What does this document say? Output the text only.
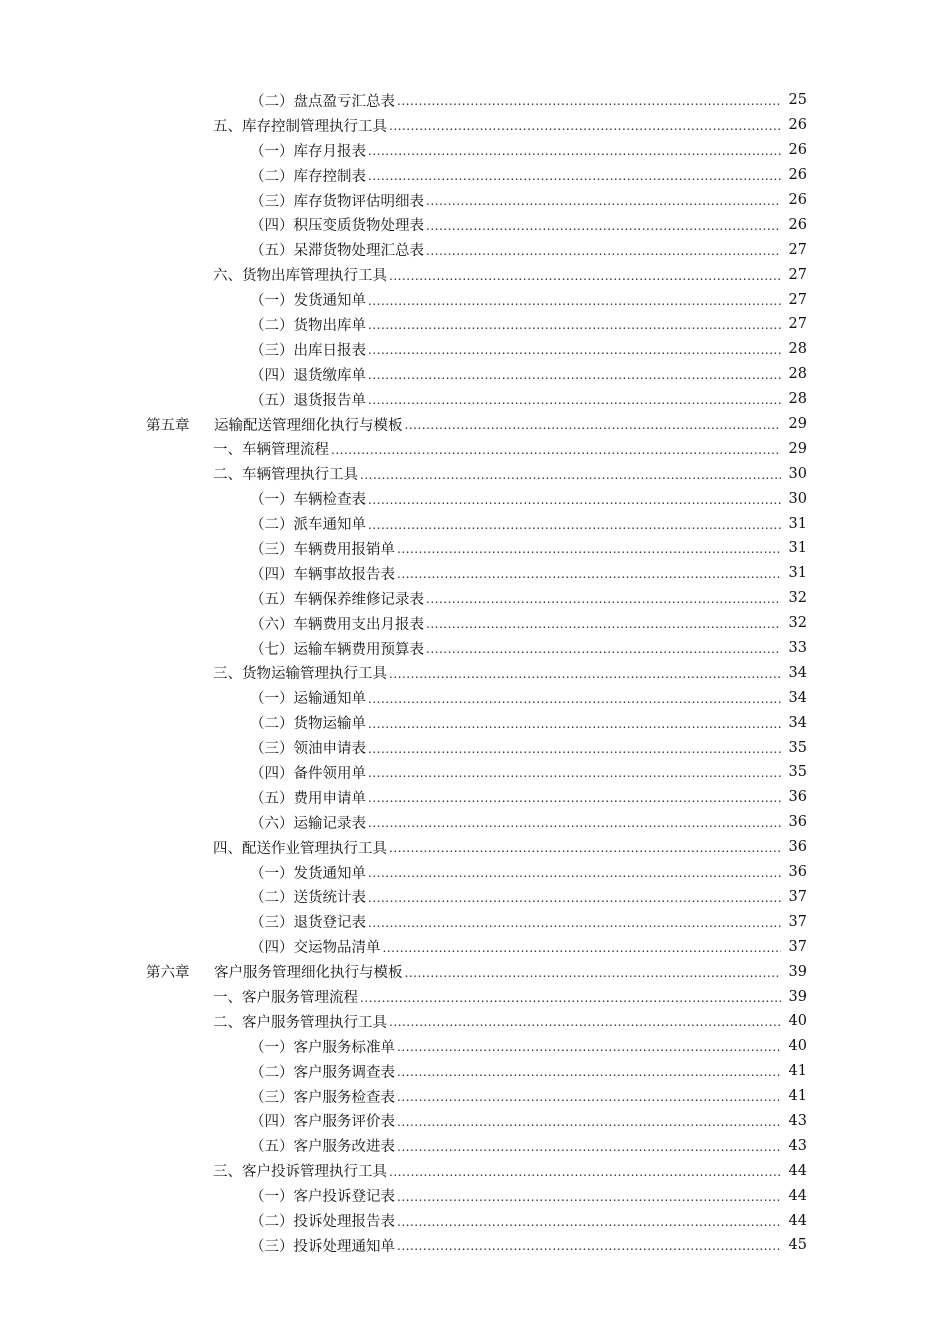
（二） 盘点盈亏汇总表 .....	25
五、 库存控制管理执行工具 .....	26
（一） 库存月报表 .....	26
（二） 库存控制表 .....	26
（三） 库存货物评估明细表 .....	26
（四） 积压变质货物处理表 .....	26
（五） 呆滞货物处理汇总表 .....	27
六、 货物出库管理执行工具 .....	27
（一） 发货通知单 .....	27
（二） 货物出库单 .....	27
（三） 出库日报表 .....	28
（四） 退货缴库单 .....	28
（五） 退货报告单 .....	28
第五章	运输配送管理细化执行与模板 .....	29
一、 车辆管理流程 .....	29
二、 车辆管理执行工具 .....	30
（一） 车辆检查表 .....	30
（二） 派车通知单 .....	31
（三） 车辆费用报销单 .....	31
（四） 车辆事故报告表 .....	31
（五） 车辆保养维修记录表 .....	32
（六） 车辆费用支出月报表 .....	32
（七） 运输车辆费用预算表 .....	33
三、 货物运输管理执行工具 .....	34
（一） 运输通知单 .....	34
（二） 货物运输单 .....	34
（三） 领油申请表 .....	35
（四） 备件领用单 .....	35
（五） 费用申请单 .....	36
（六） 运输记录表 .....	36
四、 配送作业管理执行工具 .....	36
（一） 发货通知单 .....	36
（二） 送货统计表 .....	37
（三） 退货登记表 .....	37
（四） 交运物品清单 .....	37
第六章	客户服务管理细化执行与模板 .....	39
一、 客户服务管理流程 .....	39
二、 客户服务管理执行工具 .....	40
（一） 客户服务标准单 .....	40
（二） 客户服务调查表 .....	41
（三） 客户服务检查表 .....	41
（四） 客户服务评价表 .....	43
（五） 客户服务改进表 .....	43
三、 客户投诉管理执行工具 .....	44
（一） 客户投诉登记表 .....	44
（二） 投诉处理报告表 .....	44
（三） 投诉处理通知单 .....	45
